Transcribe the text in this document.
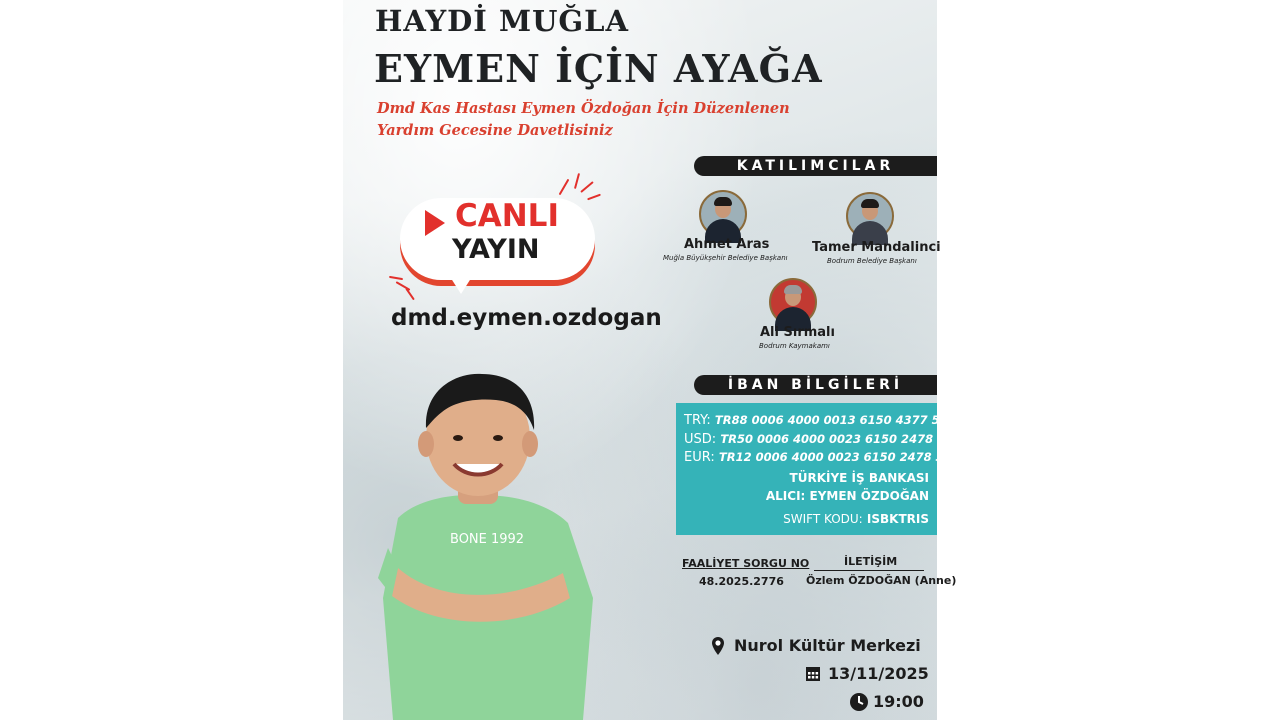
HAYDİ MUĞLA
EYMEN İÇİN AYAĞA
Dmd Kas Hastası Eymen Özdoğan İçin Düzenlenen
Yardım Gecesine Davetlisiniz
CANLI
YAYIN
dmd.eymen.ozdogan
KATILIMCILAR
Ahmet Aras
Muğla Büyükşehir Belediye Başkanı
Tamer Mandalinci
Bodrum Belediye Başkanı
Ali Sırmalı
Bodrum Kaymakamı
İBAN BİLGİLERİ
TRY: TR88 0006 4000 0013 6150 4377 51
USD: TR50 0006 4000 0023 6150 2478 25
EUR: TR12 0006 4000 0023 6150 2478 30
TÜRKİYE İŞ BANKASI
ALICI: EYMEN ÖZDOĞAN
SWIFT KODU: ISBKTRIS
FAALİYET SORGU NO
48.2025.2776
İLETİŞİM
Özlem ÖZDOĞAN (Anne)
Nurol Kültür Merkezi
13/11/2025
19:00
BONE 1992
